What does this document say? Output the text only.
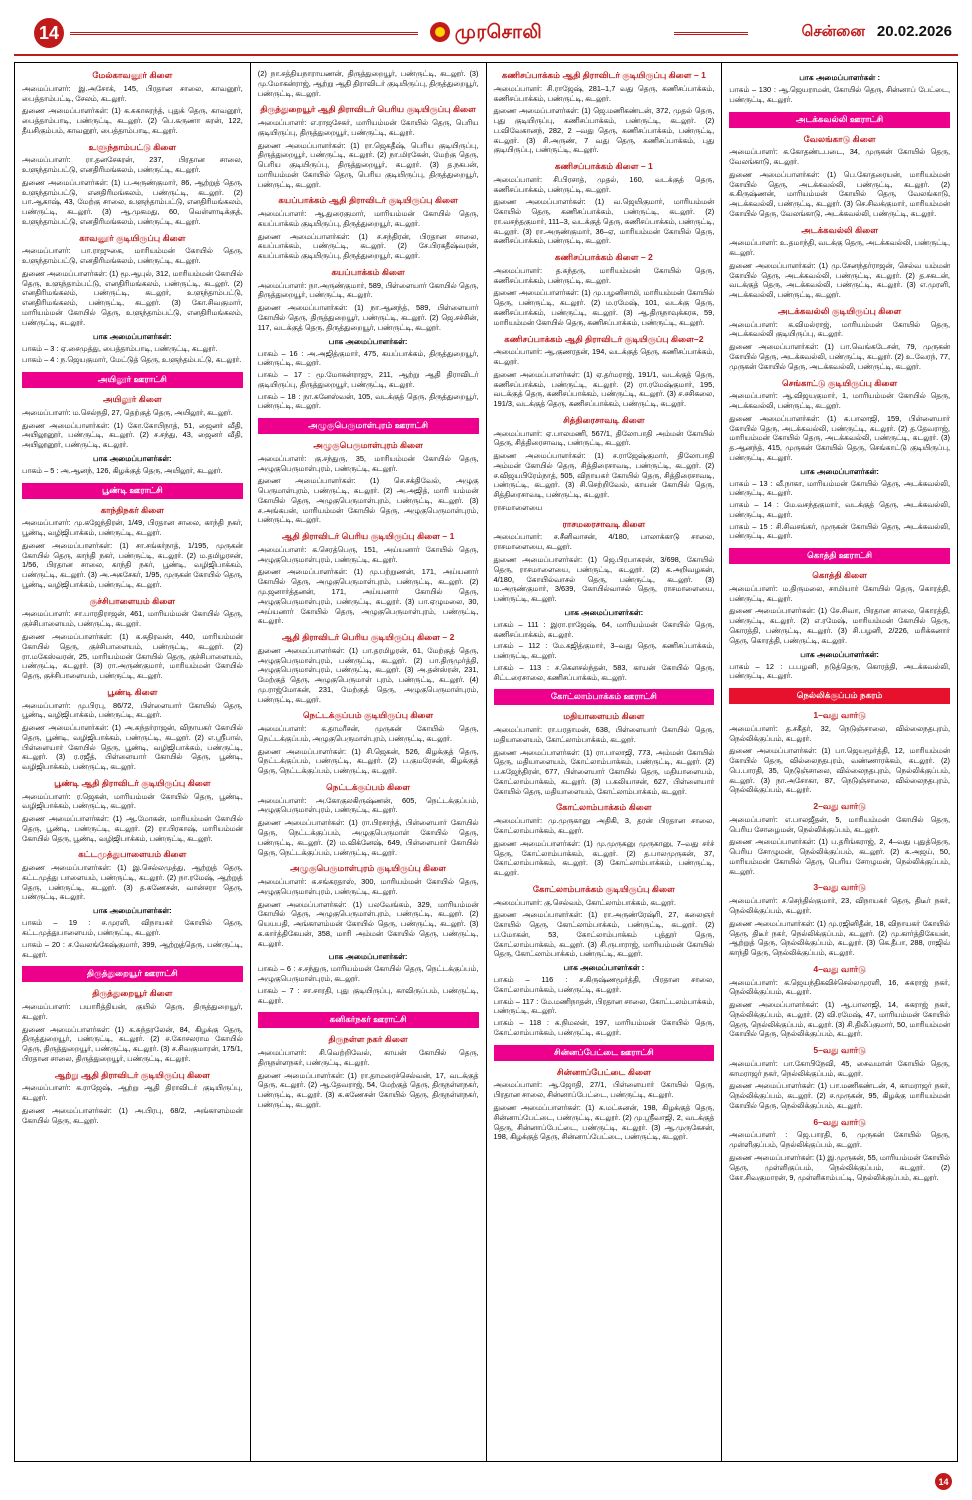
14	முரசொலி	சென்னை 20.02.2026
மேல்காவனூர் கிளை

அமைப்பாளர்: இ.அசோக், 145, பிரதான சாலை, காவனூர், பைத்தாம்பட்டி, சேலம், கடலூர்.

துணை அமைப்பாளர்கள்: (1) க.சுகாசுரந்த், புதுக் தெரு, காவனூர், பைத்தாம்பாடி, பண்ருட்டி, கடலூர். (2) பெ.கருணா கரன், 122, தீயசிகும்பம், காவனூர், பைத்தாம்பாடி, கடலூர்.

உளுந்தாம்பட்டு கிளை

அமைப்பாளர்: ரா.தனசேகரன், 237, பிரதான சாலை, உளுந்தாம்பட்டு, எனதிரிமங்கலம், பண்ருட்டி, கடலூர்.

துணை அமைப்பாளர்கள்: (1) ப.அருண்குமார், 86, ஆற்றுத் தெரு, உளுந்தாம்பட்டு, எனதிரிமங்கலம், பண்ருட்டி, கடலூர். (2) பா.ஆகாஷ், 43, மேற்கு சாலை, உளுந்தாம்பட்டு, எனதிரிமங்கலம், பண்ருட்டி, கடலூர். (3) ஆ.முகமது, 60, வெள்ளாடிக்குத், உளுந்தாம்பட்டு, எனதிரிமங்கலம், பண்ருட்டி, கடலூர்.

காவனூர் குடியிருப்பு கிளை

அமைப்பாளர்: பா.ராஜுகை, மாரியம்மன் கோயில் தெரு, உளுந்தாம்பட்டு, எனதிரிமங்கலம், பண்ருட்டி, கடலூர்.

துணை அமைப்பாளர்கள்: (1) மூ.ஆபுல், 312, மாரியம்மன் கோயில் தெரு, உளுந்தாம்பட்டு, எனதிரிமங்கலம், பண்ருட்டி, கடலூர். (2) எனதிரிமங்கலம், பண்ருட்டி, கடலூர், உளுந்தாம்பட்டு, எனதிரிமங்கலம், பண்ருட்டி, கடலூர். (3) கோ.சிவகுமார், மாரியம்மன் கோயில் தெரு, உளுந்தாம்பட்டு, எனதிரிமங்கலம், பண்ருட்டி, கடலூர்.

பாக அமைப்பாளர்கள்:

பாகம் – 3 : ஏ.சைமுத்து, பைத்தாம்பாடி, பண்ருட்டி, கடலூர்.

பாகம் – 4 : ந.ஜெயகுமார், மேட்டுத் தெரு, உளுந்தம்பட்டு, கடலூர்.

அயிலூர் ஊராட்சி
அயிலூர் கிளை

அமைப்பாளர்: ம.செல்நதி, 27, தெற்குத் தெரு, அயிலூர், கடலூர்.

துணை அமைப்பாளர்கள்: (1) கோ.கோபிநாத், 51, ஜைனர் வீதி, அயிலூனூர், பண்ருட்டி, கடலூர். (2) ச.சந்து, 43, ஜைனர் வீதி, அயிலூனூர், பண்ருட்டி, கடலூர்.

பாக அமைப்பாளர்கள்:

பாகம் – 5 : அ.ஆனந், 126, கிழக்குத் தெரு, அயிலூர், கடலூர்.

பூண்டி ஊராட்சி
காந்திநகர் கிளை

அமைப்பாளர்: மு.கஜேந்திரன், 1/49, பிரதான சாலை, காந்தி நகர், பூண்டி, வழிஜிபாக்கம், பண்ருட்டி, கடலூர்.

துணை அமைப்பாளர்கள்: (1) சா.சங்கர்நாத், 1/195, முருகன் கோயில் தெரு, காந்தி நகர், பண்ருட்டி, கடலூர். (2) ம.தமிழரசன், 1/56, பிரதான சாலை, காந்தி நகர், பூண்டி, வழிஜிபாக்கம், பண்ருட்டி, கடலூர். (3) அ.அகசேகர், 1/95, முருகன் கோயில் தெரு, பூண்டி, வழிஜிபாக்கம், பண்ருட்டி, கடலூர்.

குச்சிபாளையம் கிளை

அமைப்பாளர்: சா.பாரதிராஜன், 461, மாரியம்மன் கோயில் தெரு, குச்சிபாளையம், பண்ருட்டி, கடலூர்.

துணை அமைப்பாளர்கள்: (1) க.கதிரவன், 440, மாரியம்மன் கோயில் தெரு, குச்சிபாளையம், பண்ருட்டி, கடலூர். (2) ரா.மகேஸ்வரன், 25, மாரியம்மன் கோயில் தெரு, குச்சிபாளையம், பண்ருட்டி, கடலூர். (3) ரா.அருண்குமார், மாரியம்மன் கோயில் தெரு, குச்சிபாளையம், பண்ருட்டி, கடலூர்.

பூண்டி கிளை

அமைப்பாளர்: மு.பிரபு, 86/72, பிள்ளையார் கோயில் தெரு, பூண்டி, வழிஜிபாக்கம், பண்ருட்டி, கடலூர்.

துணை அமைப்பாளர்கள்: (1) அ.சுந்தர்ராஜன், விநாயகர் கோயில் தெரு, பூண்டி, வழிஜிபாக்கம், பண்ருட்டி, கடலூர். (2) எ.ஸ்ரீபால், பிள்ளையார் கோயில் தெரு, பூண்டி, வழிஜிபாக்கம், பண்ருட்டி, கடலூர். (3) ர.ரஜீத், பிள்ளையார் கோயில் தெரு, பூண்டி, வழிஜிபாக்கம், பண்ருட்டி, கடலூர்.

பூண்டி ஆதி திராவிடர் குடியிருப்பு கிளை

அமைப்பாளர்: ர.ஜெகன், மாரியம்மன் கோயில் தெரு, பூண்டி, வழிஜிபாக்கம், பண்ருட்டி, கடலூர்.

துணை அமைப்பாளர்கள்: (1) ஆ.மோகன், மாரியம்மன் கோயில் தெரு, பூண்டி, பண்ருட்டி, கடலூர். (2) ரா.பிரகாஷ், மாரியம்மன் கோயில் தெரு, பூண்டி, வழிஜிபாக்கம், பண்ருட்டி, கடலூர்.

கட்டமுத்துபாளையம் கிளை

துணை அமைப்பாளர்கள்: (1) இ.செல்லமுத்து, ஆற்றுத் தெரு, கட்டமுத்து பாளையம், பண்ருட்டி, கடலூர். (2) நா.ரமேஷ், ஆற்றுத் தெரு, பண்ருட்டி, கடலூர். (3) த.கணேசன், வான்சரா தெரு, பண்ருட்டி, கடலூர்.

பாக அமைப்பாளர்கள்:

பாகம் – 19 : ச.முரளி, விநாயகர் கோயில் தெரு, கட்டமுத்துபாளையம், பண்ருட்டி, கடலூர்.

பாகம் – 20 : ச.வேலங்கேஷ்குமார், 399, ஆற்றுத்தெரு, பண்ருட்டி, கடலூர்.

திருத்துறையூர் ஊராட்சி
திருத்துறையூர் கிளை

அமைப்பாளர்: பயாரித்தியன், குயில் தெரு, திருத்துறையூர், கடலூர்.

துணை அமைப்பாளர்கள்: (1) க.சுந்தரலேன், 84, கிழக்கு தெரு, திருத்துறையூர், பண்ருட்டி, கடலூர். (2) ச.கோசலராம கோயில் தெரு, திருத்துறையூர், பண்ருட்டி, கடலூர். (3) ச.சிவகுமாரன், 175/1, பிரதான சாலை, திருத்துறையூர், பண்ருட்டி, கடலூர்.

ஆற்று ஆதி திராவிடர் குடியிருப்பு கிளை

அமைப்பாளர்: க.ராஜேஷ், ஆற்று ஆதி திராவிடர் குடியிருப்பு, கடலூர்.

துணை அமைப்பாளர்கள்: (1) அ.பிரபு, 68/2, அங்காளம்மன் கோயில் தெரு, கடலூர்.

(2) நா.சத்தியநாராயணன், திருத்துறையூர், பண்ருட்டி, கடலூர். (3) மு.மோகன்ராஜ், ஆற்று ஆதி திராவிடர் குடியிருப்பு, திருத்துறையூர், பண்ருட்டி, கடலூர்.

திருத்துறையூர் ஆதி திராவிடர் பெரிய குடியிருப்பு கிளை

அமைப்பாளர்: எ.ராஜசேகர், மாரியம்மன் கோயில் தெரு, பெரிய குடியிருப்பு, திருத்துறையூர், பண்ருட்டி, கடலூர்.

துணை அமைப்பாளர்கள்: (1) ரா.ஜெகதீஷ், பெரிய குடியிருப்பு, திருத்துறையூர், பண்ருட்டி, கடலூர். (2) நா.மிரகேன், மேற்கு தெரு, பெரிய குடியிருப்பு, திருத்துறையூர், கடலூர். (3) த.நகபன், மாரியம்மன் கோயில் தெரு, பெரிய குடியிருப்பு, திருத்துறையூர், பண்ருட்டி, கடலூர்.

கயப்பாக்கம் ஆதி திராவிடர் குடியிருப்பு கிளை

அமைப்பாளர்: ஆ.துரைகுமார், மாரியம்மன் கோயில் தெரு, கயப்பாக்கம் குடியிருப்பு, திருத்துறையூர், கடலூர்.

துணை அமைப்பாளர்கள்: (1) ச.சந்திரன், பிரதான சாலை, கயப்பாக்கம், பண்ருட்டி, கடலூர். (2) சே.பிரகதீஷ்வரன், கயப்பாக்கம் குடியிருப்பு, திருத்துறையூர், கடலூர்.

கயப்பாக்கம் கிளை

அமைப்பாளர்: நா.அருண்குமார், 589, பிள்ளையார் கோயில் தெரு, திருத்துறையூர், பண்ருட்டி, கடலூர்.

துணை அமைப்பாளர்கள்: (1) நா.ஆனந்த், 589, பிள்ளையார் கோயில் தெரு, திருத்துறையூர், பண்ருட்டி, கடலூர். (2) ஜெ.சச்சின், 117, வடக்குத் தெரு, திருத்துறையூர், பண்ருட்டி, கடலூர்.

பாக அமைப்பாளர்கள்:

பாகம் – 16 : அ.அஜித்குமார், 475, கயப்பாக்கம், திருத்துறையூர், பண்ருட்டி, கடலூர்.

பாகம் – 17 : மூ.மோகன்ராஜு, 211, ஆற்று ஆதி திராவிடர் குடியிருப்பு, திருத்துறையூர், பண்ருட்டி, கடலூர்.

பாகம் – 18 : நா.கனேஸ்வன், 105, வடக்குத் தெரு, திருத்துறையூர், பண்ருட்டி, கடலூர்.

அழுகுபெருமாள்புரம் ஊராட்சி
அழுகுபெருமாள்புரம் கிளை

அமைப்பாளர்: கு.சந்துரு, 35, மாரியம்மன் கோயில் தெரு, அழுகுபெருமாள்புரம், பண்ருட்டி, கடலூர்.

துணை அமைப்பாளர்கள்: (1) செ.சக்திவேல், அழுகு பெருமாள்புரம், பண்ருட்டி, கடலூர். (2) அ.அஜித், மாரி யம்மன் கோயில் தெரு, அழுகுபெருமாள்புரம், பண்ருட்டி, கடலூர். (3) ச.அங்கபன், மாரியம்மன் கோயில் தெரு, அழுகுபெருமாள்புரம், பண்ருட்டி, கடலூர்.

ஆதி திராவிடர் பெரிய குடியிருப்பு கிளை – 1

அமைப்பாளர்: க.செரத்பெரு, 151, அய்யனார் கோயில் தெரு, அழுகுபெருமாள்புரம், பண்ருட்டி, கடலூர்.

துணை அமைப்பாளர்கள்: (1) மு.பற்றுணன், 171, அய்யனார் கோயில் தெரு, அழுகுபெருமாள்புரம், பண்ருட்டி, கடலூர். (2) மு.ஜனார்த்தனன், 171, அய்யனார் கோயில் தெரு, அழுகுபெருமாள்புரம், பண்ருட்டி, கடலூர். (3) பா.ஏழுமலை, 30, அய்யனார் கோயில் தெரு, அழுகுபெருமாள்புரம், பண்ருட்டி, கடலூர்.

ஆதி திராவிடர் பெரிய குடியிருப்பு கிளை – 2

துணை அமைப்பாளர்கள்: (1) பா.தரமிழரன், 61, மேற்குத் தெரு, அழுகுபெருமாள்புரம், பண்ருட்டி, கடலூர். (2) பா.திருமுர்த்தி, அழுகுபெருமாள்புரம், பண்ருட்டி, கடலூர். (3) அ.தன்ஸ்ரன், 231, மேற்குத் தெரு, அழுகுபெருமாள் புரம், பண்ருட்டி, கடலூர். (4) மு.ராஜ்மோகன், 231, மேற்குத் தெரு, அழுகுபெருமாள்புரம், பண்ருட்டி, கடலூர்.

நெட்டக்குப்பம் குடியிருப்பு கிளை

அமைப்பாளர்: க.தாமரீசன், முருகன் கோயில் தெரு, நெட்டக்குப்பம், அழுகுபெருமாள்புரம், பண்ருட்டி, கடலூர்.

துணை அமைப்பாளர்கள்: (1) சி.ஜெகன், 526, கிழக்குத் தெரு, நெட்டக்குப்பம், பண்ருட்டி, கடலூர். (2) ப.குமரேசன், கிழக்குத் தெரு, நெட்டக்குப்பம், பண்ருட்டி, கடலூர்.

நெட்டக்குப்பம் கிளை

அமைப்பாளர்: அ.கோகுலகிருஷ்ணன், 605, நெட்டக்குப்பம், அழுகுபெருமாள்புரம், பண்ருட்டி, கடலூர்.

துணை அமைப்பாளர்கள்: (1) ரா.பிரசாந்த், பிள்ளையார் கோயில் தெரு, நெட்டக்குப்பம், அழுகுபெருமாள் கோயில் தெரு, பண்ருட்டி, கடலூர். (2) ம.விக்னேஷ், 649, பிள்ளையார் கோயில் தெரு, நெட்டக்குப்பம், பண்ருட்டி, கடலூர்.

அழுகுபெருமாள்புரம் குடியிருப்பு கிளை

அமைப்பாளர்: க.சங்கரதாஸ், 300, மாரியம்மன் கோயில் தெரு, அழுகுபெருமாள்புரம், பண்ருட்டி, கடலூர்.

துணை அமைப்பாளர்கள்: (1) பலவேங்கம், 329, மாரியம்மன் கோயில் தெரு, அழுகுபெருமாள்புரம், பண்ருட்டி, கடலூர். (2) யெயபதி, அங்காளம்மன் கோயில் தெரு, பண்ருட்டி, கடலூர். (3) க.கார்த்திகேயன், 358, மாரி அம்மன் கோயில் தெரு, பண்ருட்டி, கடலூர்.

பாக அமைப்பாளர்கள்:

பாகம் – 6 : ச.சந்துரு, மாரியம்மன் கோயில் தெரு, நெட்டக்குப்பம், அழுகுபெருமாள்புரம், கடலூர்.

பாகம் – 7 : சா.சாரதி, புது குடியிருப்பு, காவிருப்பம், பண்ருட்டி, கடலூர்.

கனிகர்நகர் ஊராட்சி
திருநள்ள நகர் கிளை

அமைப்பாளர்: சி.வெற்றிவேல், காயன் கோயில் தெரு, திருநள்ளநகர், பண்ருட்டி, கடலூர்.

துணை அமைப்பாளர்கள்: (1) ரா.தாமரைச்செல்வன், 17, வடக்குத் தெரு, கடலூர். (2) ஆ.தேவராஜ், 54, மேற்குத் தெரு, திருநள்ளநகர், பண்ருட்டி, கடலூர். (3) க.கணேசன் கோயில் தெரு, திருநள்ளநகர், பண்ருட்டி, கடலூர்.

கணிசப்பாக்கம் ஆதி திராவிடர் குடியிருப்பு கிளை – 1

அமைப்பாளர்: சி.ராஜேஷ், 281–1,7 வது தெரு, கணிசப்பாக்கம், கணிசப்பாக்கம், பண்ருட்டி, கடலூர்.

துணை அமைப்பாளர்கள்: (1) ஜெ.மணிகண்டன், 372, முதல் தெரு, புது குடியிருப்பு, கணிசப்பாக்கம், பண்ருட்டி, கடலூர். (2) ப.விவேகானந், 282, 2 –வது தெரு, கணிசப்பாக்கம், பண்ருட்டி, கடலூர். (3) சி.அருண், 7 வது தெரு, கணிசப்பாக்கம், புது குடியிருப்பு, பண்ருட்டி, கடலூர்.

கணிசப்பாக்கம் கிளை – 1

அமைப்பாளர்: சி.பிரசாத், முதல், 160, வடக்குத் தெரு, கணிசப்பாக்கம், பண்ருட்டி, கடலூர்.

துணை அமைப்பாளர்கள்: (1) வ.ஜெயிகுமார், மாரியம்மன் கோயில் தெரு, கணிசப்பாக்கம், பண்ருட்டி, கடலூர். (2) ரா.வசந்தகுமார், 111–3, வடக்குத் தெரு, கணிசப்பாக்கம், பண்ருட்டி, கடலூர். (3) ரா.அருண்குமார், 36–ஏ, மாரியம்மன் கோயில் தெரு, கணிசப்பாக்கம், பண்ருட்டி, கடலூர்.

கணிசப்பாக்கம் கிளை – 2

அமைப்பாளர்: த.சுந்தரு, மாரியம்மன் கோயில் தெரு, கணிசப்பாக்கம், பண்ருட்டி, கடலூர்.

துணை அமைப்பாளர்கள்: (1) மு.பழனிசாமி, மாரியம்மன் கோயில் தெரு, பண்ருட்டி, கடலூர். (2) ம.ரமேஷ், 101, வடக்கு தெரு, கணிசப்பாக்கம், பண்ருட்டி, கடலூர். (3) ஆ.திருநாவுக்கரசு, 59, மாரியம்மன் கோயில் தெரு, கணிசப்பாக்கம், பண்ருட்டி, கடலூர்.

கணிசப்பாக்கம் ஆதி திராவிடர் குடியிருப்பு கிளை–2

அமைப்பாளர்: ஆ.குணரதன், 194, வடக்குத் தெரு, கணிசப்பாக்கம், கடலூர்.

துணை அமைப்பாளர்கள்: (1) ஏ.தர்மராஜ், 191/1, வடக்குத் தெரு, கணிசப்பாக்கம், பண்ருட்டி, கடலூர். (2) ரா.ரமேஷ்குமார், 195, வடக்குத் தெரு, கணிசப்பாக்கம், பண்ருட்டி, கடலூர். (3) ச.சசிகலை, 191/3, வடக்குத் தெரு, கணிசப்பாக்கம், பண்ருட்டி, கடலூர்.

சித்திரைசாவடி கிளை

அமைப்பாளர்: ஏ.பாலமணி, 567/1, திலோபாதி அம்மன் கோயில் தெரு, சித்திரைசாவடி, பண்ருட்டி, கடலூர்.

துணை அமைப்பாளர்கள்: (1) ச.ராஜேஷ்குமார், திலோபாதி அம்மன் கோயில் தெரு, சித்திரைசாவடி, பண்ருட்டி, கடலூர். (2) ச.விஜயபிரேம்நாத், 505, விநாயகர் கோயில் தெரு, சித்திரைசாவடி, பண்ருட்டி, கடலூர். (3) சி.செற்றிவேல், காயன் கோயில் தெரு, சித்திரைசாவடி, பண்ருட்டி, கடலூர்.

ராசமாளையை

ராசமரைசாவடி கிளை

அமைப்பாளர்: ச.சீனிவாசன், 4/180, பாலாக்காடு சாலை, ராசமாளையை, கடலூர்.

துணை அமைப்பாளர்கள்: (1) ஜெ.பிரபாகரன், 3/698, கோயில் தெரு, ராசமாளையை, பண்ருட்டி, கடலூர். (2) க.அறிவழகன், 4/180, கோயில்வாசல் தெரு, பண்ருட்டி, கடலூர். (3) ம.அருண்குமார், 3/639, கோயில்வாசல் தெரு, ராசமாளையை, பண்ருட்டி, கடலூர்.

பாக அமைப்பாளர்கள்:

பாகம் – 111 : இரா.ராஜேஷ், 64, மாரியம்மன் கோயில் தெரு, கணிசப்பாக்கம், கடலூர்.

பாகம் – 112 : மே.கஜித்குமார், 3–வது தெரு, கணிசப்பாக்கம், பண்ருட்டி, கடலூர்.

பாகம் – 113 : ச.கௌசல்ந்தன், 583, காயன் கோயில் தெரு, சிட்டரைசாலை, கணிசப்பாக்கம், கடலூர்.

கோட்லாம்பாக்கம் ஊராட்சி
மதியாளையம் கிளை

அமைப்பாளர்: ரா.பரதாமன், 638, பிள்ளையார் கோயில் தெரு, மதியாளையம், கோட்லாம்பாக்கம், கடலூர்.

துணை அமைப்பாளர்கள்: (1) ரா.பாலாஜி, 773, அம்மன் கோயில் தெரு, மதியாளையம், கோட்லாம்பாக்கம், பண்ருட்டி, கடலூர். (2) ப.கஜேந்திரன், 677, பிள்ளையார் கோயில் தெரு, மதியாளையம், கோட்லாம்பாக்கம், கடலூர். (3) ப.கலியாசன், 627, பிள்ளையார் கோயில் தெரு, மதியாளையம், கோட்லாம்பாக்கம், கடலூர்.

கோட்லாம்பாக்கம் கிளை

அமைப்பாளர்: மு.முருகானு அதிகி, 3, தரன் பிரதான சாலை, கோட்லாம்பாக்கம், கடலூர்.

துணை அமைப்பாளர்கள்: (1) மு.முருகனு முருகானு, 7–வது சர்ச் தெரு, கோட்லாம்பாக்கம், கடலூர். (2) த.பாலமுருகன், 37, கோட்லாம்பாக்கம், கடலூர். (3) கோட்லாம்பாக்கம், பண்ருட்டி, கடலூர்.

கோட்லாம்பாக்கம் குடியிருப்பு கிளை

அமைப்பாளர்: கு.செல்வம், கோட்லாம்பாக்கம், கடலூர்.

துணை அமைப்பாளர்கள்: (1) ரா.அருண்ரேஷ்ரி, 27, கலைஞர் கோயில் தெரு, கோட்லாம்பாக்கம், பண்ருட்டி, கடலூர். (2) ப.மோகன், 53, கோட்லாம்பாக்கம் புத்தூர் தெரு, கோட்லாம்பாக்கம், கடலூர். (3) சி.ருபாராஜ், மாரியம்மன் கோயில் தெரு, கோட்லாம்பாக்கம், பண்ருட்டி, கடலூர்.

பாக அமைப்பாளர்கள் :

பாகம் – 116 : ச.கிருஷ்ணமூர்த்தி, பிரதான சாலை, கோட்லாம்பாக்கம், பண்ருட்டி, கடலூர்.

பாகம் – 117 : மே.மணிநாதன், பிரதான சாலை, கோட்டலம்பாக்கம், பண்ருட்டி, கடலூர்.

பாகம் – 118 : க.நிமலன், 197, மாரியம்மன் கோயில் தெரு, கோட்லாம்பாக்கம், பண்ருட்டி, கடலூர்.

சின்னப்பேட்டை ஊராட்சி
சின்னாப்பேட்டை கிளை

அமைப்பாளர்: ஆ.ஜோதி, 27/1, பிள்ளையார் கோயில் தெரு, பிரதான சாலை, சின்னாப்பேட்டை, பண்ருட்டி, கடலூர்.

துணை அமைப்பாளர்கள்: (1) க.மட்சுனன், 198, கிழக்குத் தெரு, சின்னாப்பேட்டை, பண்ருட்டி, கடலூர். (2) மு.ஸ்ரீவாஜி, 2, வடக்குத் தெரு, சின்னாப்பேட்டை, பண்ருட்டி, கடலூர். (3) ஆ.முருகேசன், 198, கிழக்குத் தெரு, சின்னாப்பேட்டை, பண்ருட்டி, கடலூர்.

பாக அமைப்பாளர்கள் :

பாகம் – 130 : ஆ.ஜெயராமன், கோயில் தெரு, சின்னாப் பேட்டை, பண்ருட்டி, கடலூர்.

அடக்கவல்லி ஊராட்சி
வேலங்காடு கிளை

அமைப்பாளர்: க.கோதண்டபடை, 34, முருகன் கோயில் தெரு, வேலங்காடு, கடலூர்.

துணை அமைப்பாளர்கள்: (1) பெ.கோதரையன், மாரியம்மன் கோயில் தெரு, அடக்கவல்லி, பண்ருட்டி, கடலூர். (2) க.கிருஷ்ணன், மாரியம்மன் கோயில் தெரு, வேலங்காடு, அடக்கவல்லி, பண்ருட்டி, கடலூர். (3) செ.சிவக்குமார், மாரியம்மன் கோயில் தெரு, வேலங்காடு, அடக்கவல்லி, பண்ருட்டி, கடலூர்.

அடக்கவல்லி கிளை

அமைப்பாளர்: உ.தமாந்தி, வடக்கு தெரு, அடக்கவல்லி, பண்ருட்டி, கடலூர்.

துணை அமைப்பாளர்கள்: (1) மு.சேனந்தர்ராஜன், செல்வ யம்மன் கோயில் தெரு, அடக்கவல்லி, பண்ருட்டி, கடலூர். (2) த.சகடன், வடக்குத் தெரு, அடக்கவல்லி, பண்ருட்டி, கடலூர். (3) எ.முரளி, அடக்கவல்லி, பண்ருட்டி, கடலூர்.

அடக்கவல்லி குடியிருப்பு கிளை

அமைப்பாளர்: க.விமல்ராஜ், மாரியம்மன் கோயில் தெரு, அடக்கவல்லி குடியிருப்பு, கடலூர்.

துணை அமைப்பாளர்கள்: (1) பா.வெங்கடேசன், 79, முருகன் கோயில் தெரு, அடக்கவல்லி, பண்ருட்டி, கடலூர். (2) உ.வேரந், 77, முருகன் கோயில் தெரு, அடக்கவல்லி, பண்ருட்டி, கடலூர்.

செங்காட்டு குடியிருப்பு கிளை

அமைப்பாளர்: ஆ.விஜயகுமார், 1, மாரியம்மன் கோயில் தெரு, அடக்கவல்லி, பண்ருட்டி, கடலூர்.

துணை அமைப்பாளர்கள்: (1) க.பாலாஜி, 159, பிள்ளையார் கோயில் தெரு, அடக்கவல்லி, பண்ருட்டி, கடலூர். (2) த.தேவராஜ், மாரியம்மன் கோயில் தெரு, அடக்கவல்லி, பண்ருட்டி, கடலூர். (3) த.ஆனந்த், 415, முருகன் கோயில் தெரு, செங்காட்டு குடியிருப்பு, பண்ருட்டி, கடலூர்.

பாக அமைப்பாளர்கள்:

பாகம் – 13 : வீ.நாகா, மாரியம்மன் கோயில் தெரு, அடக்கவல்லி, பண்ருட்டி, கடலூர்.

பாகம் – 14 : மே.வசந்தகுமார், வடக்குத் தெரு, அடக்கவல்லி, பண்ருட்டி, கடலூர்.

பாகம் – 15 : சி.சிவசங்கர், முருகன் கோயில் தெரு, அடக்கவல்லி, பண்ருட்டி, கடலூர்.

கொத்தி ஊராட்சி
கொத்தி கிளை

அமைப்பாளர்: ம.திருமலை, சாமியார் கோயில் தெரு, கொரத்தி, பண்ருட்டி, கடலூர்.

துணை அமைப்பாளர்கள்: (1) சே.சிவா, பிரதான சாலை, கொரத்தி, பண்ருட்டி, கடலூர். (2) எ.ரமேஷ், மாரியம்மன் கோயில் தெரு, கொரத்தி, பண்ருட்டி, கடலூர். (3) சி.பழனி, 2/226, மரிக்கனார் தெரு, கொரத்தி, பண்ருட்டி, கடலூர்.

பாக அமைப்பாளர்கள்:

பாகம் – 12 : ப.பழனி, நடுத்தெரு, கொரத்தி, அடக்கவல்லி, பண்ருட்டி, கடலூர்.

நெல்லிக்குப்பம் நகரம்
1–வது வார்டு

அமைப்பாளர்: த.சகீதர், 32, நெடுஞ்சாலை, வில்லைநதபுரம், நெல்லிக்குப்பம், கடலூர்.

துணை அமைப்பாளர்கள்: (1) பா.ஜெயமூர்த்தி, 12, மாரியம்மன் கோயில் தெரு, வில்லைநதபுரம், வண்ணாரக்கம், கடலூர். (2) பெ.பாரதி, 35, நெடுஞ்சாலை, வில்லைநதபுரம், நெல்லிக்குப்பம், கடலூர். (3) நா.அசோகா, 87, நெடுஞ்சாலை, வில்லைநதபுரம், நெல்லிக்குப்பம், கடலூர்.

2–வது வார்டு

அமைப்பாளர்: எ.பாலஜீதன், 5, மாரியம்மன் கோயில் தெரு, பெரிய சோழைமன், நெல்லிக்குப்பம், கடலூர்.

துணை அமைப்பாளர்கள்: (1) ப.தரிங்கராஜ், 2, 4–வது புதுத்தெரு, பெரிய சோழுமன், நெல்லிக்குப்பம், கடலூர். (2) க.அஜய், 50, மாரியம்மன் கோயில் தெரு, பெரிய சோழுமன், நெல்லிக்குப்பம், கடலூர்.

3–வது வார்டு

அமைப்பாளர்: ச.செந்தில்குமார், 23, விநாயகர் தெரு, திடீர் நகர், நெல்லிக்குப்பம், கடலூர்.

துணை அமைப்பாளர்கள்: (1) மு.ரஜினிதீன், 18, விநாயகர் கோயில் தெரு, திடீர் நகர், நெல்லிக்குப்பம், கடலூர். (2) மு.கார்த்திகேயன், ஆற்றுத் தெரு, நெல்லிக்குப்பம், கடலூர். (3) கெ.தீபா, 288, ராஜிவ் காந்தி தெரு, நெல்லிக்குப்பம், கடலூர்.

4–வது வார்டு

அமைப்பாளர்: க.ஜெயந்திகவிச்செல்லமுரளி, 16, சுகராஜ் நகர், நெல்லிக்குப்பம், கடலூர்.

துணை அமைப்பாளர்கள்: (1) ஆ.பாலாஜி, 14, சுகராஜ் நகர், நெல்லிக்குப்பம், கடலூர். (2) வி.ரமேஷ், 47, மாரியம்மன் கோயில் தெரு, நெல்லிக்குப்பம், கடலூர். (3) சி.திலீப்குமார், 50, மாரியம்மன் கோயில் தெரு, நெல்லிக்குப்பம், கடலூர்.

5–வது வார்டு

அமைப்பாளர்: பா.கோபிநேவி, 45, சைவமான் கோயில் தெரு, காமராஜர் நகர், நெல்லிக்குப்பம், கடலூர்.

துணை அமைப்பாளர்கள்: (1) பா.மணிகண்டன், 4, காமராஜர் நகர், நெல்லிக்குப்பம், கடலூர். (2) ச.முருகன், 95, கிழக்கு மாரியம்மன் கோயில் தெரு, நெல்லிக்குப்பம், கடலூர்.

6–வது வார்டு

அமைப்பாளர் : ஜெ.பாரதி, 6, முருகன் கோயில் தெரு, முள்ளிகுப்பம், நெல்லிக்குப்பம், கடலூர்.

துணை அமைப்பாளர்கள்: (1) இ.முருகன், 55, மாரியம்மன் கோயில் தெரு, முள்ளிகுப்பம், நெல்லிக்குப்பம், கடலூர். (2) கோ.சிவகுமாரன், 9, முள்ளிகாம்பட்டி, நெல்லிக்குப்பம், கடலூர்.

14
